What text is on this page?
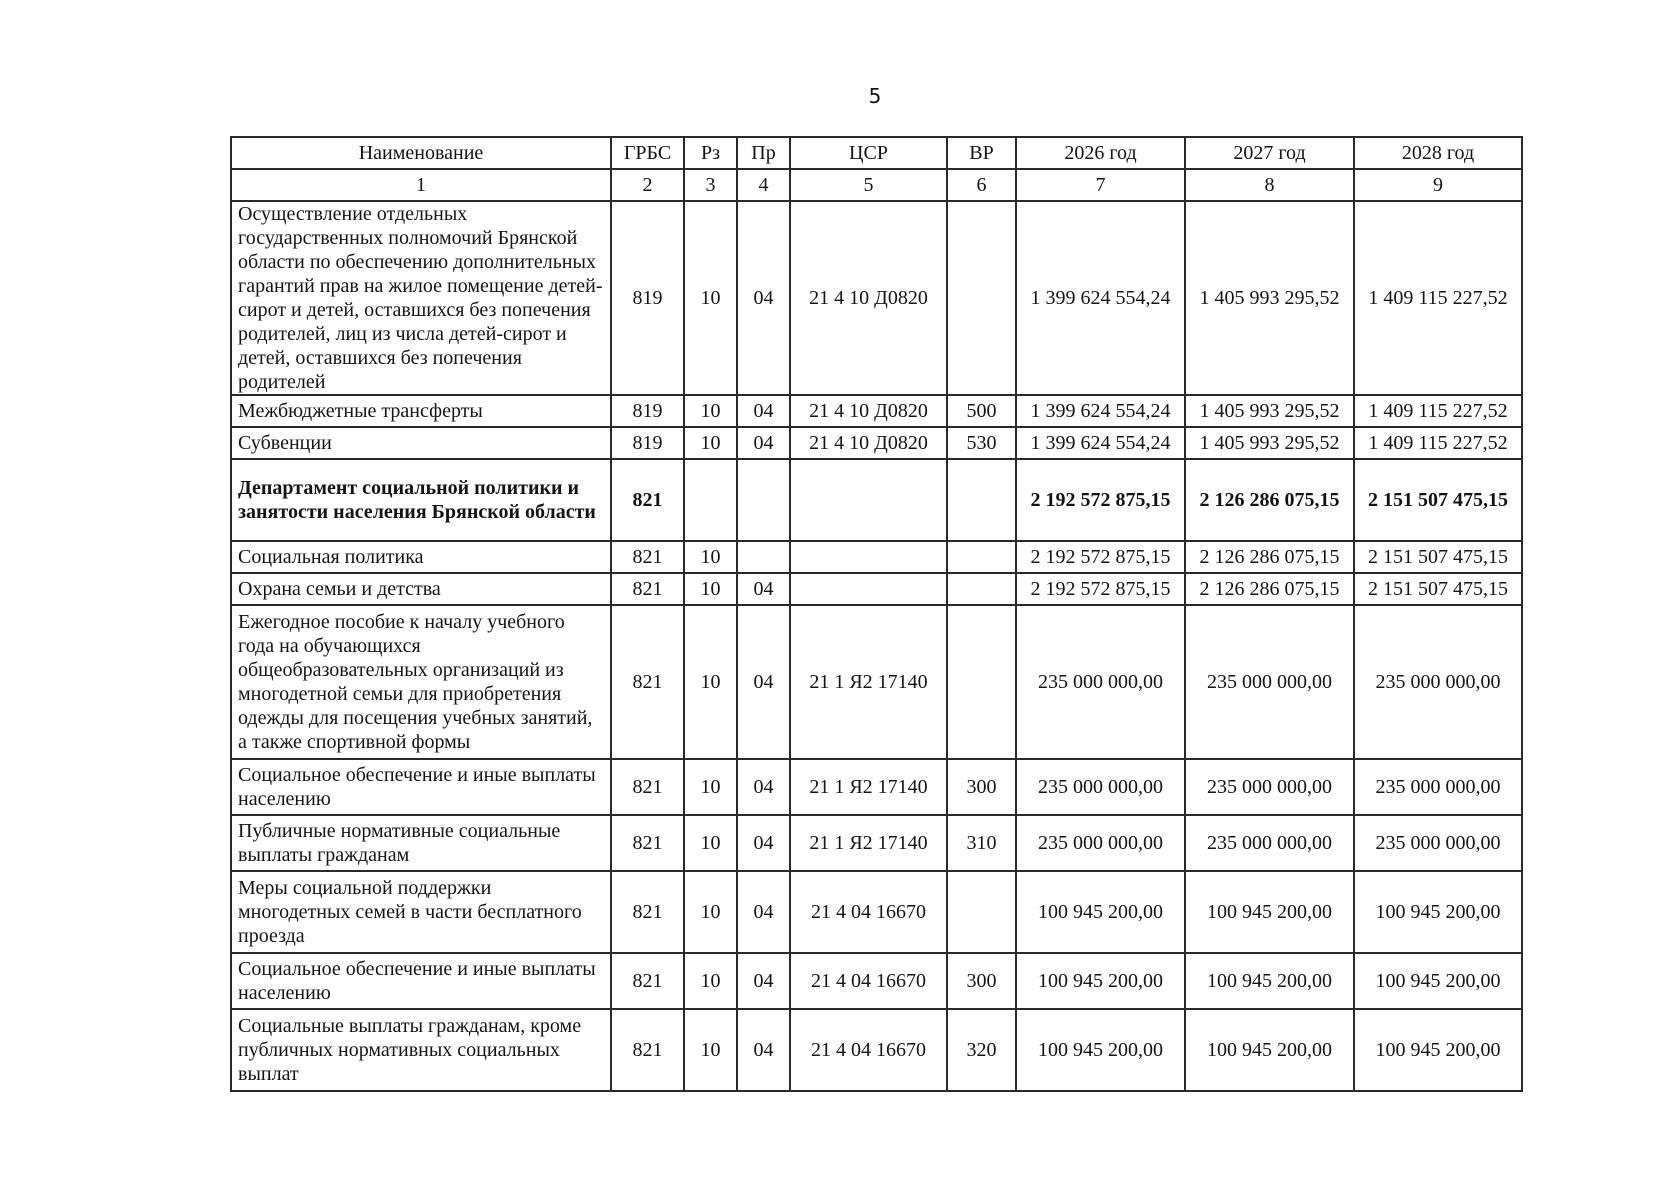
5
Наименование	ГРБС	Рз	Пр	ЦСР	ВР	2026 год	2027 год	2028 год
1	2	3	4	5	6	7	8	9
Осуществление отдельных государственных полномочий Брянской области по обеспечению дополнительных гарантий прав на жилое помещение детей-сирот и детей, оставшихся без попечения родителей, лиц из числа детей-сирот и детей, оставшихся без попечения родителей	819	10	04	21 4 10 Д0820		1 399 624 554,24	1 405 993 295,52	1 409 115 227,52
Межбюджетные трансферты	819	10	04	21 4 10 Д0820	500	1 399 624 554,24	1 405 993 295,52	1 409 115 227,52
Субвенции	819	10	04	21 4 10 Д0820	530	1 399 624 554,24	1 405 993 295,52	1 409 115 227,52
Департамент социальной политики и занятости населения Брянской области	821					2 192 572 875,15	2 126 286 075,15	2 151 507 475,15
Социальная политика	821	10				2 192 572 875,15	2 126 286 075,15	2 151 507 475,15
Охрана семьи и детства	821	10	04			2 192 572 875,15	2 126 286 075,15	2 151 507 475,15
Ежегодное пособие к началу учебного года на обучающихся общеобразовательных организаций из многодетной семьи для приобретения одежды для посещения учебных занятий, а также спортивной формы	821	10	04	21 1 Я2 17140		235 000 000,00	235 000 000,00	235 000 000,00
Социальное обеспечение и иные выплаты населению	821	10	04	21 1 Я2 17140	300	235 000 000,00	235 000 000,00	235 000 000,00
Публичные нормативные социальные выплаты гражданам	821	10	04	21 1 Я2 17140	310	235 000 000,00	235 000 000,00	235 000 000,00
Меры социальной поддержки многодетных семей в части бесплатного проезда	821	10	04	21 4 04 16670		100 945 200,00	100 945 200,00	100 945 200,00
Социальное обеспечение и иные выплаты населению	821	10	04	21 4 04 16670	300	100 945 200,00	100 945 200,00	100 945 200,00
Социальные выплаты гражданам, кроме публичных нормативных социальных выплат	821	10	04	21 4 04 16670	320	100 945 200,00	100 945 200,00	100 945 200,00
